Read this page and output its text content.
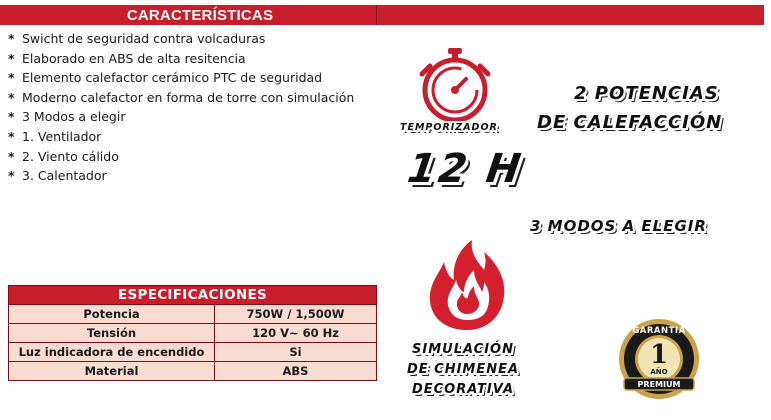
CARACTERÍSTICAS
* Swicht de seguridad contra volcaduras
* Elaborado en ABS de alta resitencia
* Elemento calefactor cerámico PTC de seguridad
* Moderno calefactor en forma de torre con simulación
* 3 Modos a elegir
* 1. Ventilador
* 2. Viento cálido
* 3. Calentador
ESPECIFICACIONES	
Potencia	750W / 1,500W
Tensión	120 V~ 60 Hz
Luz indicadora de encendido	Si
Material	ABS
TEMPORIZADOR
12 H
2 POTENCIAS
DE CALEFACCIÓN
3 MODOS A ELEGIR
SIMULACIÓN
DE CHIMENEA
DECORATIVA
GARANTIA
1
AÑO
PREMIUM
